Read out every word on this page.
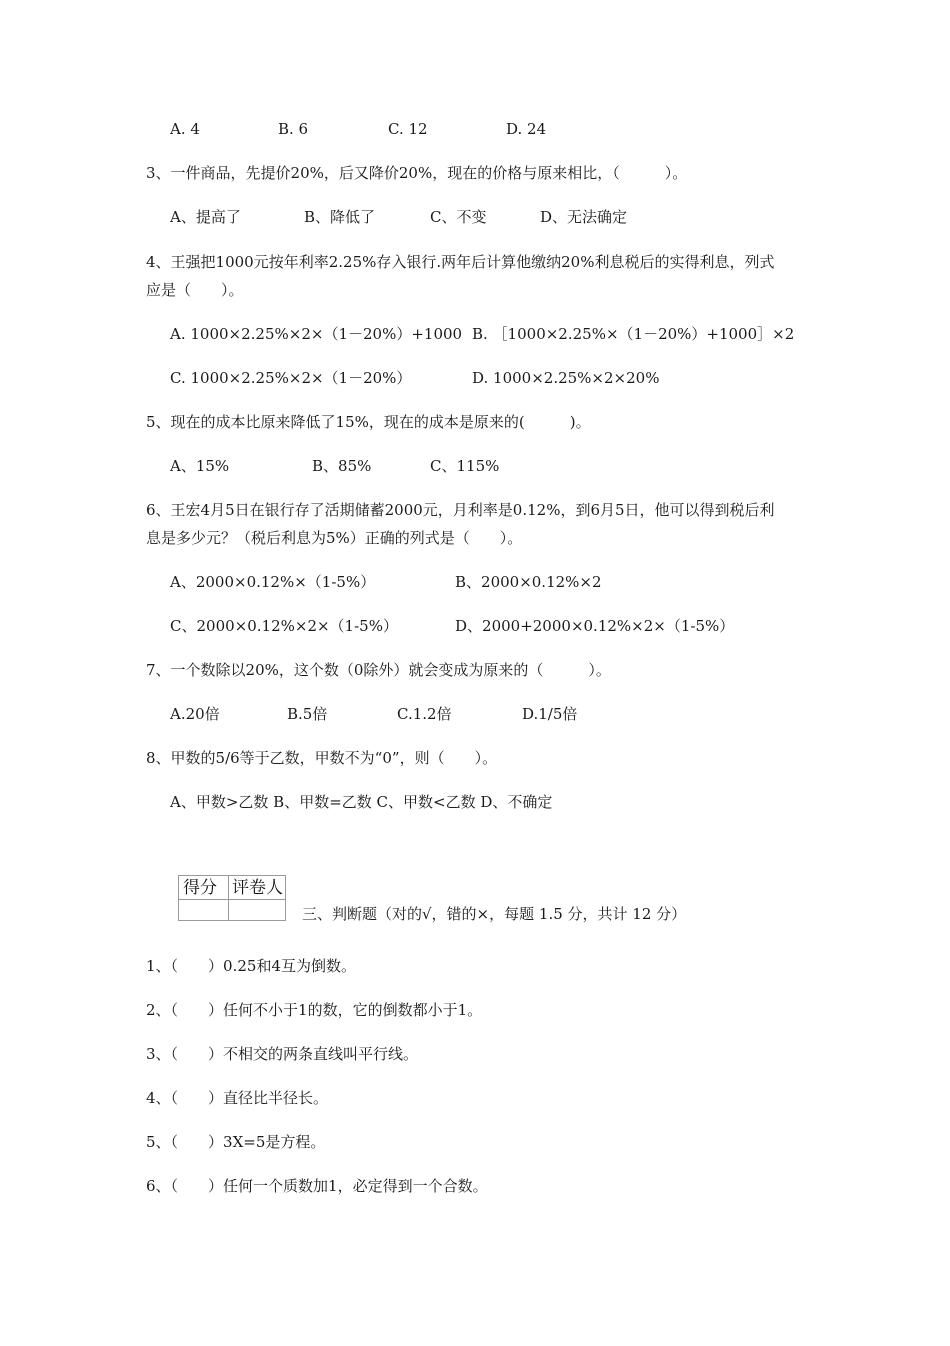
A. 4	B. 6	C. 12	D. 24
3、一件商品，先提价20%，后又降价20%，现在的价格与原来相比，（　　　）。
A、提高了	B、降低了	C、不变	D、无法确定
4、王强把1000元按年利率2.25%存入银行.两年后计算他缴纳20%利息税后的实得利息，列式
应是（　　）。
A. 1000×2.25%×2×（1－20%）+1000 B. ［1000×2.25%×（1－20%）+1000］×2
C. 1000×2.25%×2×（1－20%）	D. 1000×2.25%×2×20%
5、现在的成本比原来降低了15%，现在的成本是原来的(　　　)。
A、15%	B、85%	C、115%
6、王宏4月5日在银行存了活期储蓄2000元，月利率是0.12%，到6月5日，他可以得到税后利
息是多少元？（税后利息为5%）正确的列式是（　　）。
A、2000×0.12%×（1-5%）	B、2000×0.12%×2
C、2000×0.12%×2×（1-5%）	D、2000+2000×0.12%×2×（1-5%）
7、一个数除以20%，这个数（0除外）就会变成为原来的（　　　）。
A.20倍	B.5倍	C.1.2倍	D.1/5倍
8、甲数的5/6等于乙数，甲数不为“0”，则（　　）。
A、甲数>乙数 B、甲数=乙数 C、甲数<乙数 D、不确定
得分 评卷人
三、判断题（对的√，错的×，每题 1.5 分，共计 12 分）
1、（　　）0.25和4互为倒数。
2、（　　）任何不小于1的数，它的倒数都小于1。
3、（　　）不相交的两条直线叫平行线。
4、（　　）直径比半径长。
5、（　　）3X=5是方程。
6、（　　）任何一个质数加1，必定得到一个合数。
